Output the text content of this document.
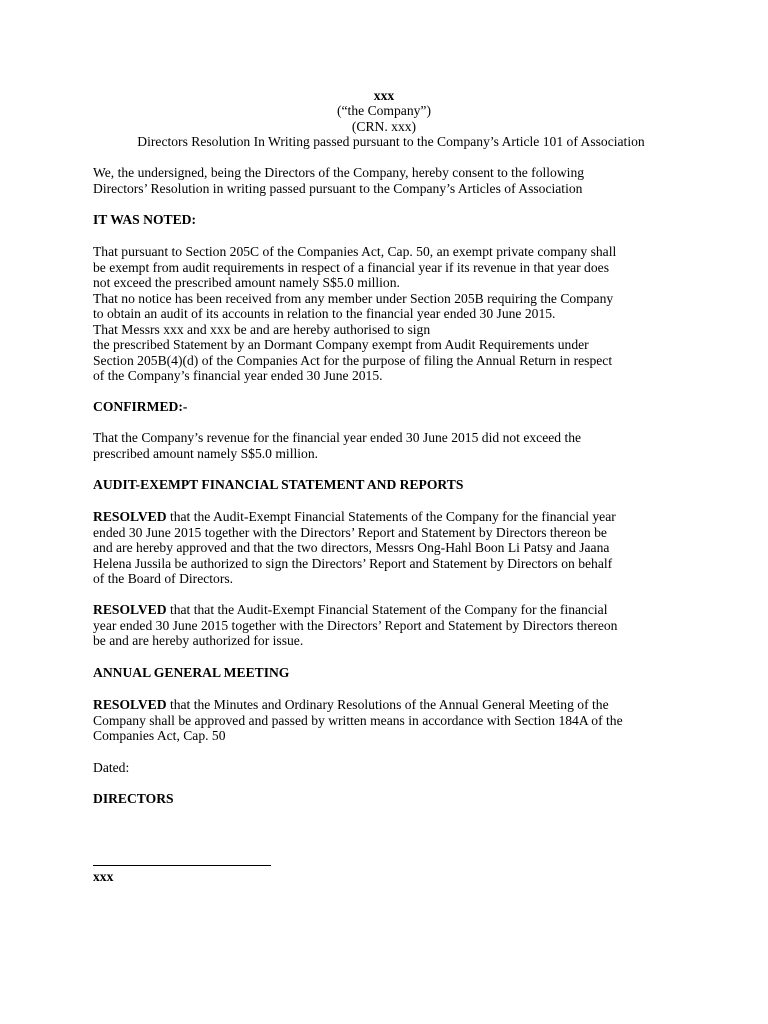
xxx
(“the Company”)
(CRN. xxx)
Directors Resolution In Writing passed pursuant to the Company’s Article 101 of Association
We, the undersigned, being the Directors of the Company, hereby consent to the following
Directors’ Resolution in writing passed pursuant to the Company’s Articles of Association
IT WAS NOTED:
That pursuant to Section 205C of the Companies Act, Cap. 50, an exempt private company shall
be exempt from audit requirements in respect of a financial year if its revenue in that year does
not exceed the prescribed amount namely S$5.0 million.
That no notice has been received from any member under Section 205B requiring the Company
to obtain an audit of its accounts in relation to the financial year ended 30 June 2015.
That Messrs xxx and xxx be and are hereby authorised to sign
the prescribed Statement by an Dormant Company exempt from Audit Requirements under
Section 205B(4)(d) of the Companies Act for the purpose of filing the Annual Return in respect
of the Company’s financial year ended 30 June 2015.
CONFIRMED:-
That the Company’s revenue for the financial year ended 30 June 2015 did not exceed the
prescribed amount namely S$5.0 million.
AUDIT-EXEMPT FINANCIAL STATEMENT AND REPORTS
RESOLVED that the Audit-Exempt Financial Statements of the Company for the financial year
ended 30 June 2015 together with the Directors’ Report and Statement by Directors thereon be
and are hereby approved and that the two directors, Messrs Ong-Hahl Boon Li Patsy and Jaana
Helena Jussila be authorized to sign the Directors’ Report and Statement by Directors on behalf
of the Board of Directors.
RESOLVED that that the Audit-Exempt Financial Statement of the Company for the financial
year ended 30 June 2015 together with the Directors’ Report and Statement by Directors thereon
be and are hereby authorized for issue.
ANNUAL GENERAL MEETING
RESOLVED that the Minutes and Ordinary Resolutions of the Annual General Meeting of the
Company shall be approved and passed by written means in accordance with Section 184A of the
Companies Act, Cap. 50
Dated:
DIRECTORS
xxx
